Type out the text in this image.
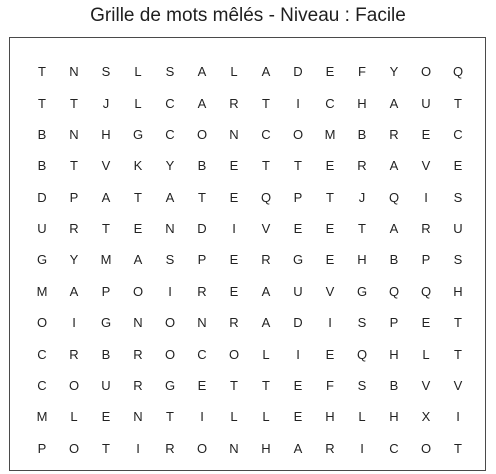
Grille de mots mêlés - Niveau : Facile
T	N	S	L	S	A	L	A	D	E	F	Y	O	Q
T	T	J	L	C	A	R	T	I	C	H	A	U	T
B	N	H	G	C	O	N	C	O	M	B	R	E	C
B	T	V	K	Y	B	E	T	T	E	R	A	V	E
D	P	A	T	A	T	E	Q	P	T	J	Q	I	S
U	R	T	E	N	D	I	V	E	E	T	A	R	U
G	Y	M	A	S	P	E	R	G	E	H	B	P	S
M	A	P	O	I	R	E	A	U	V	G	Q	Q	H
O	I	G	N	O	N	R	A	D	I	S	P	E	T
C	R	B	R	O	C	O	L	I	E	Q	H	L	T
C	O	U	R	G	E	T	T	E	F	S	B	V	V
M	L	E	N	T	I	L	L	E	H	L	H	X	I
P	O	T	I	R	O	N	H	A	R	I	C	O	T
